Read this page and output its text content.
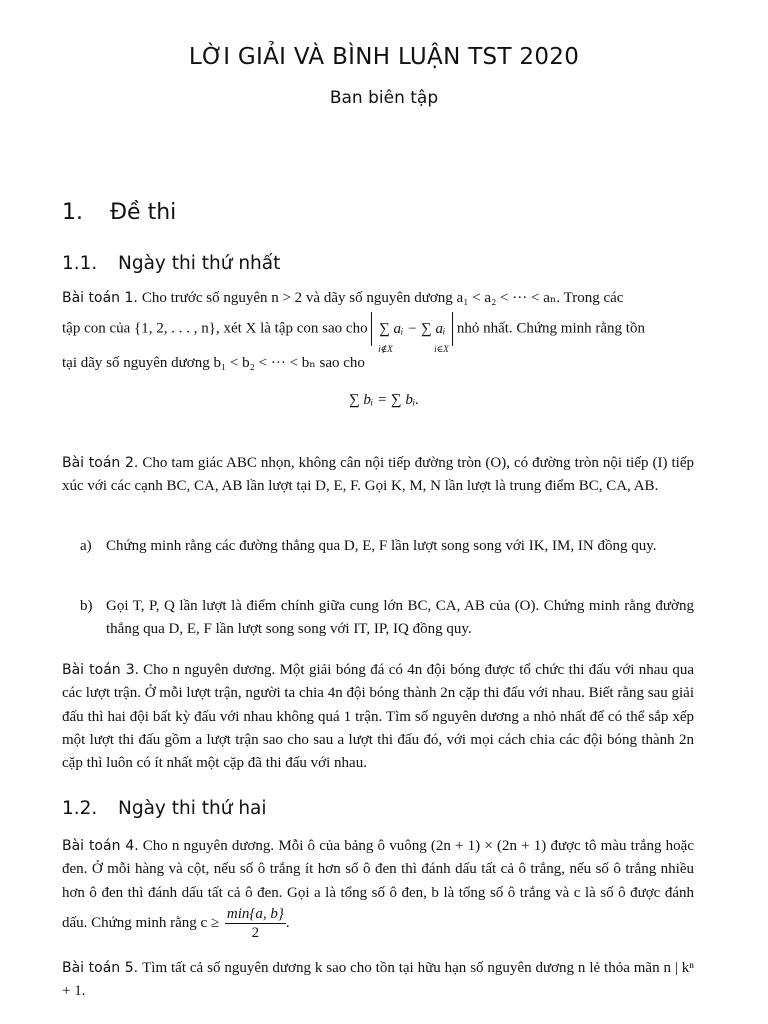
LỜI GIẢI VÀ BÌNH LUẬN TST 2020
Ban biên tập
1. Đề thi
1.1. Ngày thi thứ nhất
Bài toán 1. Cho trước số nguyên n > 2 và dãy số nguyên dương a₁ < a₂ < ··· < aₙ. Trong các
tập con của {1, 2, . . . , n}, xét X là tập con sao cho ∑ aᵢ − ∑ aᵢ
i∉X	i∈X
nhỏ nhất. Chứng minh rằng tồn
tại dãy số nguyên dương b₁ < b₂ < ··· < bₙ sao cho
∑ bᵢ = ∑ bᵢ.
Bài toán 2. Cho tam giác ABC nhọn, không cân nội tiếp đường tròn (O), có đường tròn nội tiếp (I) tiếp xúc với các cạnh BC, CA, AB lần lượt tại D, E, F. Gọi K, M, N lần lượt là trung điểm BC, CA, AB.
a) Chứng minh rằng các đường thẳng qua D, E, F lần lượt song song với IK, IM, IN đồng quy.
b) Gọi T, P, Q lần lượt là điểm chính giữa cung lớn BC, CA, AB của (O). Chứng minh rằng đường thẳng qua D, E, F lần lượt song song với IT, IP, IQ đồng quy.
Bài toán 3. Cho n nguyên dương. Một giải bóng đá có 4n đội bóng được tổ chức thi đấu với nhau qua các lượt trận. Ở mỗi lượt trận, người ta chia 4n đội bóng thành 2n cặp thi đấu với nhau. Biết rằng sau giải đấu thì hai đội bất kỳ đấu với nhau không quá 1 trận. Tìm số nguyên dương a nhỏ nhất để có thể sắp xếp một lượt thi đấu gồm a lượt trận sao cho sau a lượt thi đấu đó, với mọi cách chia các đội bóng thành 2n cặp thì luôn có ít nhất một cặp đã thi đấu với nhau.
1.2. Ngày thi thứ hai
Bài toán 4. Cho n nguyên dương. Mỗi ô của bảng ô vuông (2n + 1) × (2n + 1) được tô màu trắng hoặc đen. Ở mỗi hàng và cột, nếu số ô trắng ít hơn số ô đen thì đánh dấu tất cả ô trắng, nếu số ô trắng nhiều hơn ô đen thì đánh dấu tất cả ô đen. Gọi a là tổng số ô đen, b là tổng số ô trắng và c là số ô được đánh dấu. Chứng minh rằng c ≥
min{a, b}
2
.
Bài toán 5. Tìm tất cả số nguyên dương k sao cho tồn tại hữu hạn số nguyên dương n lẻ thỏa mãn n | kⁿ + 1.
